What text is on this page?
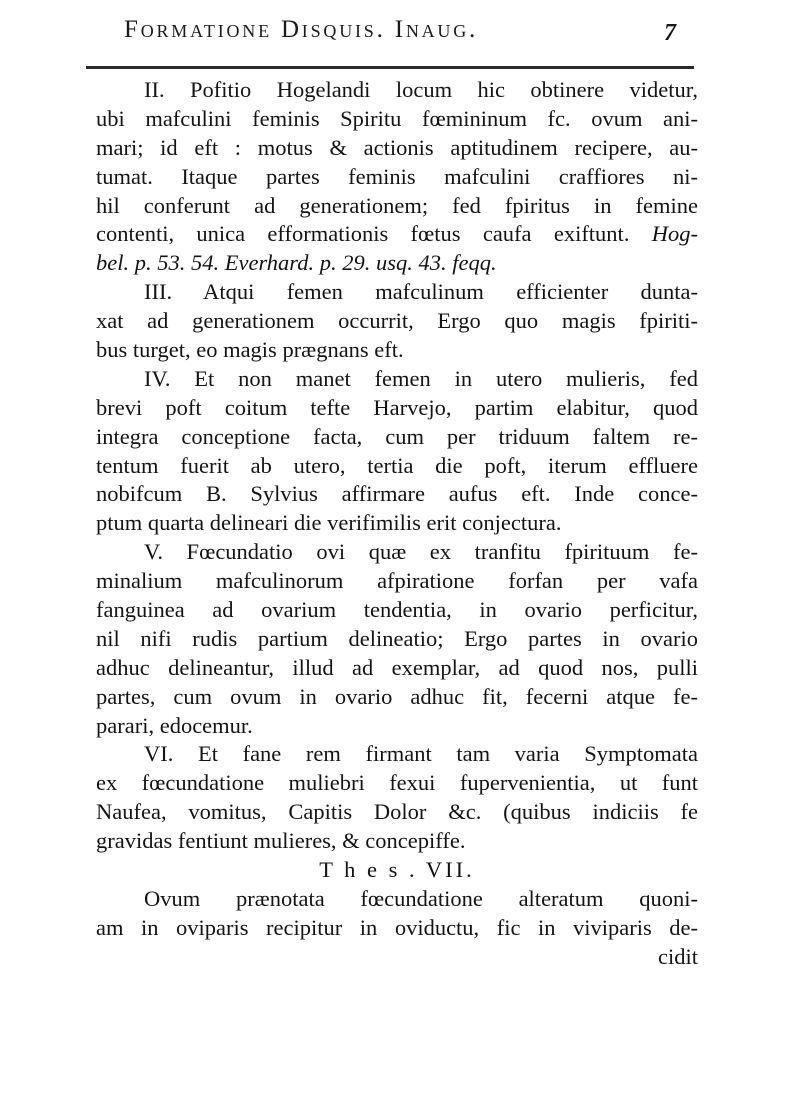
Formatione Disquis. Inaug.	7
II. Pofitio Hogelandi locum hic obtinere videtur,
ubi mafculini feminis Spiritu fœmininum fc. ovum ani-
mari; id eft : motus & actionis aptitudinem recipere, au-
tumat. Itaque partes feminis mafculini craffiores ni-
hil conferunt ad generationem; fed fpiritus in femine
contenti, unica efformationis fœtus caufa exiftunt. Hog-
bel. p. 53. 54. Everhard. p. 29. usq. 43. feqq.
III. Atqui femen mafculinum efficienter dunta-
xat ad generationem occurrit, Ergo quo magis fpiriti-
bus turget, eo magis prægnans eft.
IV. Et non manet femen in utero mulieris, fed
brevi poft coitum tefte Harvejo, partim elabitur, quod
integra conceptione facta, cum per triduum faltem re-
tentum fuerit ab utero, tertia die poft, iterum effluere
nobifcum B. Sylvius affirmare aufus eft. Inde conce-
ptum quarta delineari die verifimilis erit conjectura.
V. Fœcundatio ovi quæ ex tranfitu fpirituum fe-
minalium mafculinorum afpiratione forfan per vafa
fanguinea ad ovarium tendentia, in ovario perficitur,
nil nifi rudis partium delineatio; Ergo partes in ovario
adhuc delineantur, illud ad exemplar, ad quod nos, pulli
partes, cum ovum in ovario adhuc fit, fecerni atque fe-
parari, edocemur.
VI. Et fane rem firmant tam varia Symptomata
ex fœcundatione muliebri fexui fupervenientia, ut funt
Naufea, vomitus, Capitis Dolor &c. (quibus indiciis fe
gravidas fentiunt mulieres, & concepiffe.
T h e s . VII.
Ovum prænotata fœcundatione alteratum quoni-
am in oviparis recipitur in oviductu, fic in viviparis de-
cidit
